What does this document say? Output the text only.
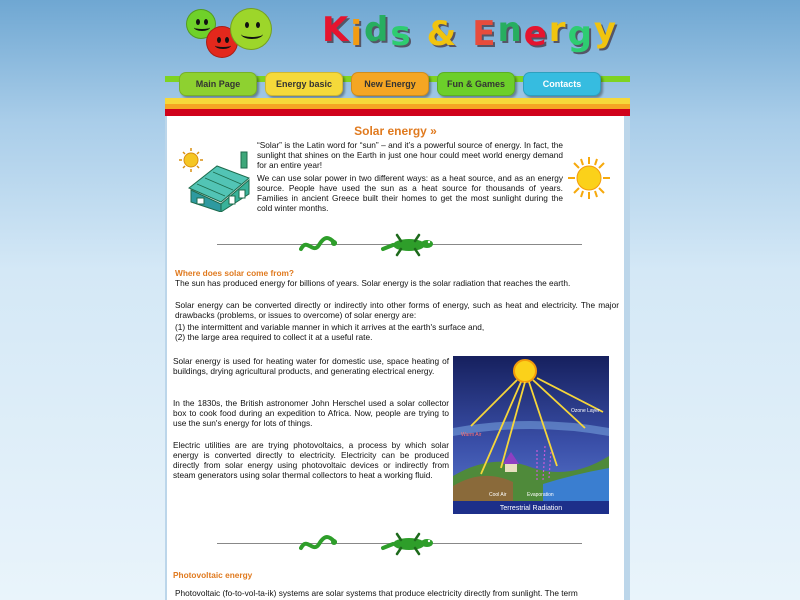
Kids & Energy
Main Page	Energy basic	New Energy	Fun & Games	Contacts
Solar energy »
“Solar” is the Latin word for “sun” – and it’s a powerful source of energy. In fact, the sunlight that shines on the Earth in just one hour could meet world energy demand for an entire year!
We can use solar power in two different ways: as a heat source, and as an energy source. People have used the sun as a heat source for thousands of years. Families in ancient Greece built their homes to get the most sunlight during the cold winter months.
Where does solar come from?
The sun has produced energy for billions of years. Solar energy is the solar radiation that reaches the earth.
Solar energy can be converted directly or indirectly into other forms of energy, such as heat and electricity. The major drawbacks (problems, or issues to overcome) of solar energy are:
(1) the intermittent and variable manner in which it arrives at the earth's surface and,
(2) the large area required to collect it at a useful rate.
Solar energy is used for heating water for domestic use, space heating of buildings, drying agricultural products, and generating electrical energy.
In the 1830s, the British astronomer John Herschel used a solar collector box to cook food during an expedition to Africa. Now, people are trying to use the sun's energy for lots of things.
Electric utilities are are trying photovoltaics, a process by which solar energy is converted directly to electricity. Electricity can be produced directly from solar energy using photovoltaic devices or indirectly from steam generators using solar thermal collectors to heat a working fluid.
Ozone Layer
Warm Air
Cool Air	Evaporation
Terrestrial Radiation
Photovoltaic energy
Photovoltaic (fo-to-vol-ta-ik) systems are solar systems that produce electricity directly from sunlight. The term
